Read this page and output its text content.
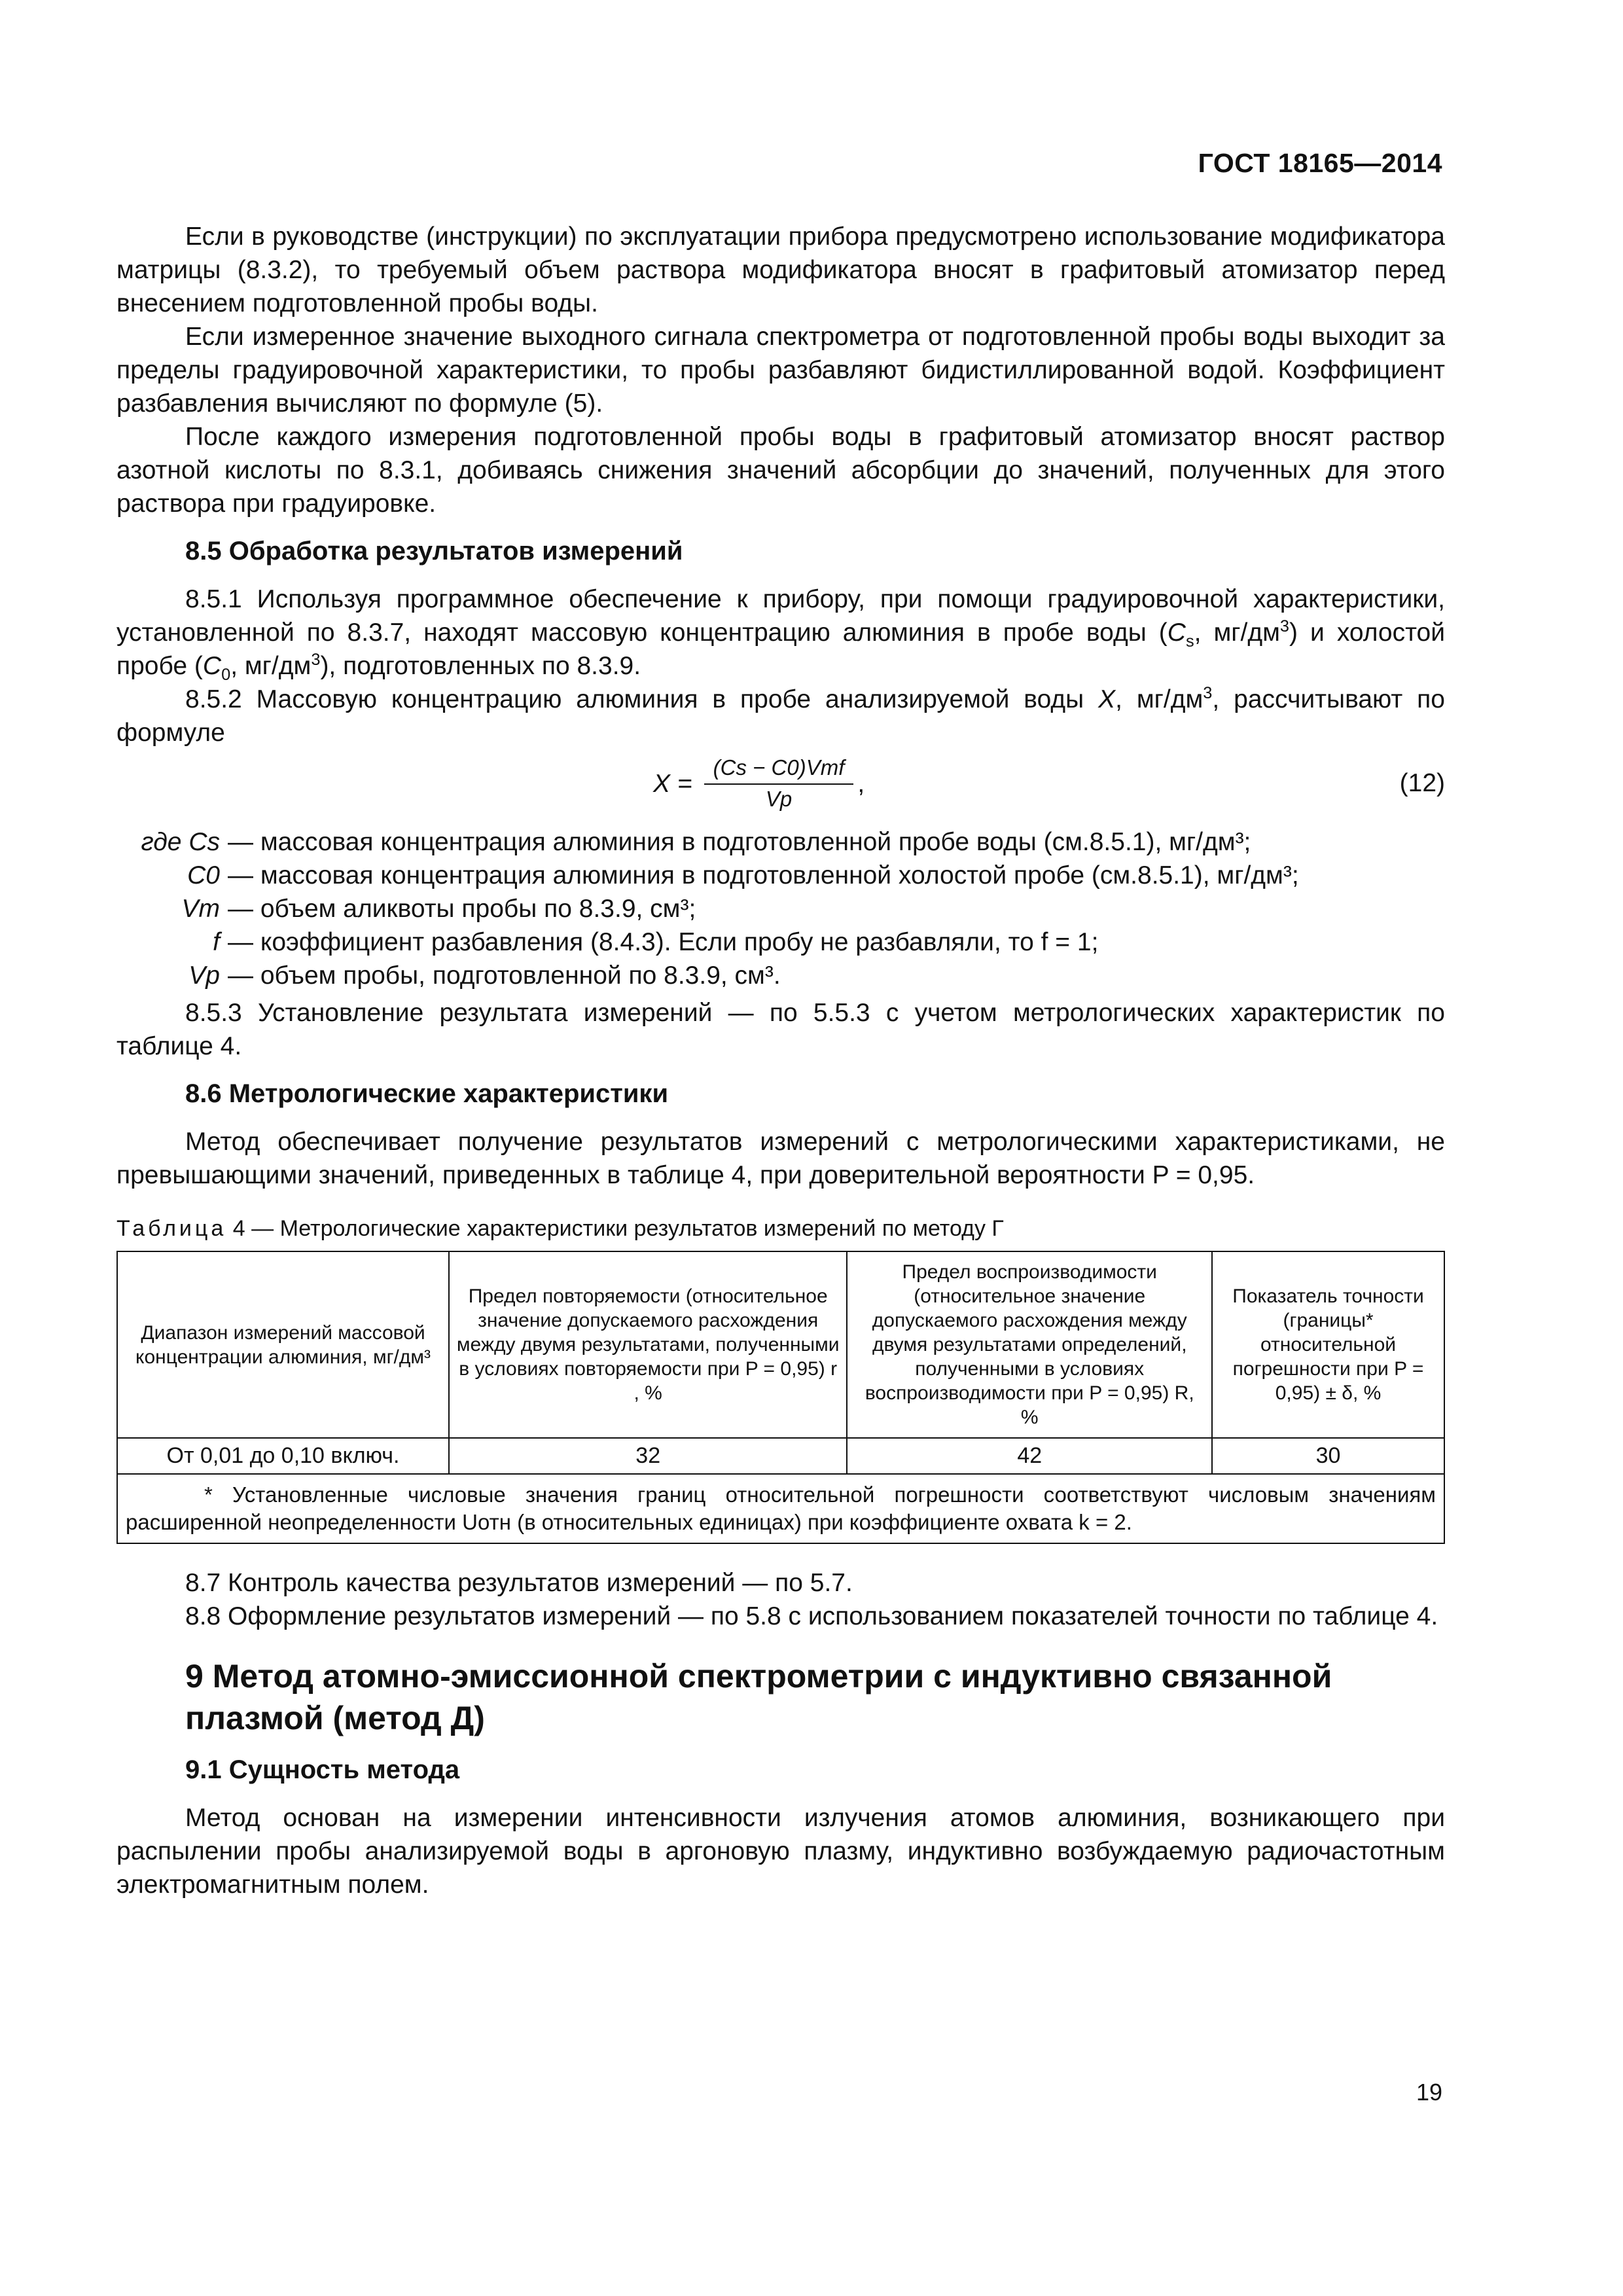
ГОСТ 18165—2014

Если в руководстве (инструкции) по эксплуатации прибора предусмотрено использование модификатора матрицы (8.3.2), то требуемый объем раствора модификатора вносят в графитовый атомизатор перед внесением подготовленной пробы воды.

Если измеренное значение выходного сигнала спектрометра от подготовленной пробы воды выходит за пределы градуировочной характеристики, то пробы разбавляют бидистиллированной водой. Коэффициент разбавления вычисляют по формуле (5).

После каждого измерения подготовленной пробы воды в графитовый атомизатор вносят раствор азотной кислоты по 8.3.1, добиваясь снижения значений абсорбции до значений, полученных для этого раствора при градуировке.

8.5 Обработка результатов измерений

8.5.1 Используя программное обеспечение к прибору, при помощи градуировочной характеристики, установленной по 8.3.7, находят массовую концентрацию алюминия в пробе воды ($C_s$, $мг/дм^3$) и холостой пробе ($C_0$, $мг/дм^3$), подготовленных по 8.3.9.

8.5.2 Массовую концентрацию алюминия в пробе анализируемой воды X, $мг/дм^3$, рассчитывают по формуле

$X = \frac{\text{(Cs − C0)Vmf}}{Vp}$ ,	(12)
где Cs — массовая концентрация алюминия в подготовленной пробе воды (см.8.5.1), мг/дм³;
C0 — массовая концентрация алюминия в подготовленной холостой пробе (см.8.5.1), мг/дм³;
Vm — объем аликвоты пробы по 8.3.9, см³;
f — коэффициент разбавления (8.4.3). Если пробу не разбавляли, то f = 1;
Vp — объем пробы, подготовленной по 8.3.9, см³.

8.5.3 Установление результата измерений — по 5.5.3 с учетом метрологических характеристик по таблице 4.

8.6 Метрологические характеристики

Метод обеспечивает получение результатов измерений с метрологическими характеристиками, не превышающими значений, приведенных в таблице 4, при доверительной вероятности P = 0,95.

Таблица 4 — Метрологические характеристики результатов измерений по методу Г
Диапазон измерений массовой концентрации алюминия, мг/дм³	Предел повторяемости (относительное значение допускаемого расхождения между двумя результатами, полученными в условиях повторяемости при P = 0,95) r , %	Предел воспроизводимости (относительное значение допускаемого расхождения между двумя результатами определений, полученными в условиях воспроизводимости при P = 0,95) R, %	Показатель точности (границы* относительной погрешности при P = 0,95) ± δ, %
От 0,01 до 0,10 включ.	32	42	30
* Установленные числовые значения границ относительной погрешности соответствуют числовым значениям расширенной неопределенности Uотн (в относительных единицах) при коэффициенте охвата k = 2.			

8.7 Контроль качества результатов измерений — по 5.7.

8.8 Оформление результатов измерений — по 5.8 с использованием показателей точности по таблице 4.

9 Метод атомно-эмиссионной спектрометрии с индуктивно связанной плазмой (метод Д)
9.1 Сущность метода

Метод основан на измерении интенсивности излучения атомов алюминия, возникающего при распылении пробы анализируемой воды в аргоновую плазму, индуктивно возбуждаемую радиочастотным электромагнитным полем.

19
